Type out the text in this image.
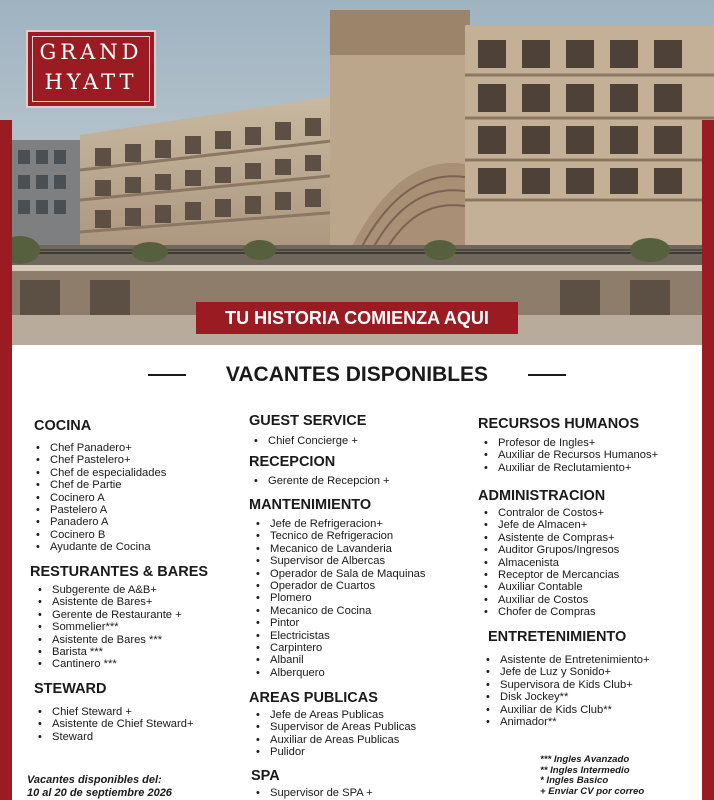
GRAND
HYATT
TU HISTORIA COMIENZA AQUI
VACANTES DISPONIBLES
COCINA
• Chef Panadero+
• Chef Pastelero+
• Chef de especialidades
• Chef de Partie
• Cocinero A
• Pastelero A
• Panadero A
• Cocinero B
• Ayudante de Cocina
RESTURANTES & BARES
• Subgerente de A&B+
• Asistente de Bares+
• Gerente de Restaurante +
• Sommelier***
• Asistente de Bares ***
• Barista ***
• Cantinero ***
STEWARD
• Chief Steward +
• Asistente de Chief Steward+
• Steward
Vacantes disponibles del:
10 al 20 de septiembre 2026
GUEST SERVICE
• Chief Concierge +
RECEPCION
• Gerente de Recepcion +
MANTENIMIENTO
• Jefe de Refrigeracion+
• Tecnico de Refrigeracion
• Mecanico de Lavanderia
• Supervisor de Albercas
• Operador de Sala de Maquinas
• Operador de Cuartos
• Plomero
• Mecanico de Cocina
• Pintor
• Electricistas
• Carpintero
• Albanil
• Alberquero
AREAS PUBLICAS
• Jefe de Areas Publicas
• Supervisor de Areas Publicas
• Auxiliar de Areas Publicas
• Pulidor
SPA
• Supervisor de SPA +
RECURSOS HUMANOS
• Profesor de Ingles+
• Auxiliar de Recursos Humanos+
• Auxiliar de Reclutamiento+
ADMINISTRACION
• Contralor de Costos+
• Jefe de Almacen+
• Asistente de Compras+
• Auditor Grupos/Ingresos
• Almacenista
• Receptor de Mercancias
• Auxiliar Contable
• Auxiliar de Costos
• Chofer de Compras
ENTRETENIMIENTO
• Asistente de Entretenimiento+
• Jefe de Luz y Sonido+
• Supervisora de Kids Club+
• Disk Jockey**
• Auxiliar de Kids Club**
• Animador**
*** Ingles Avanzado
** Ingles Intermedio
* Ingles Basico
+ Enviar CV por correo
